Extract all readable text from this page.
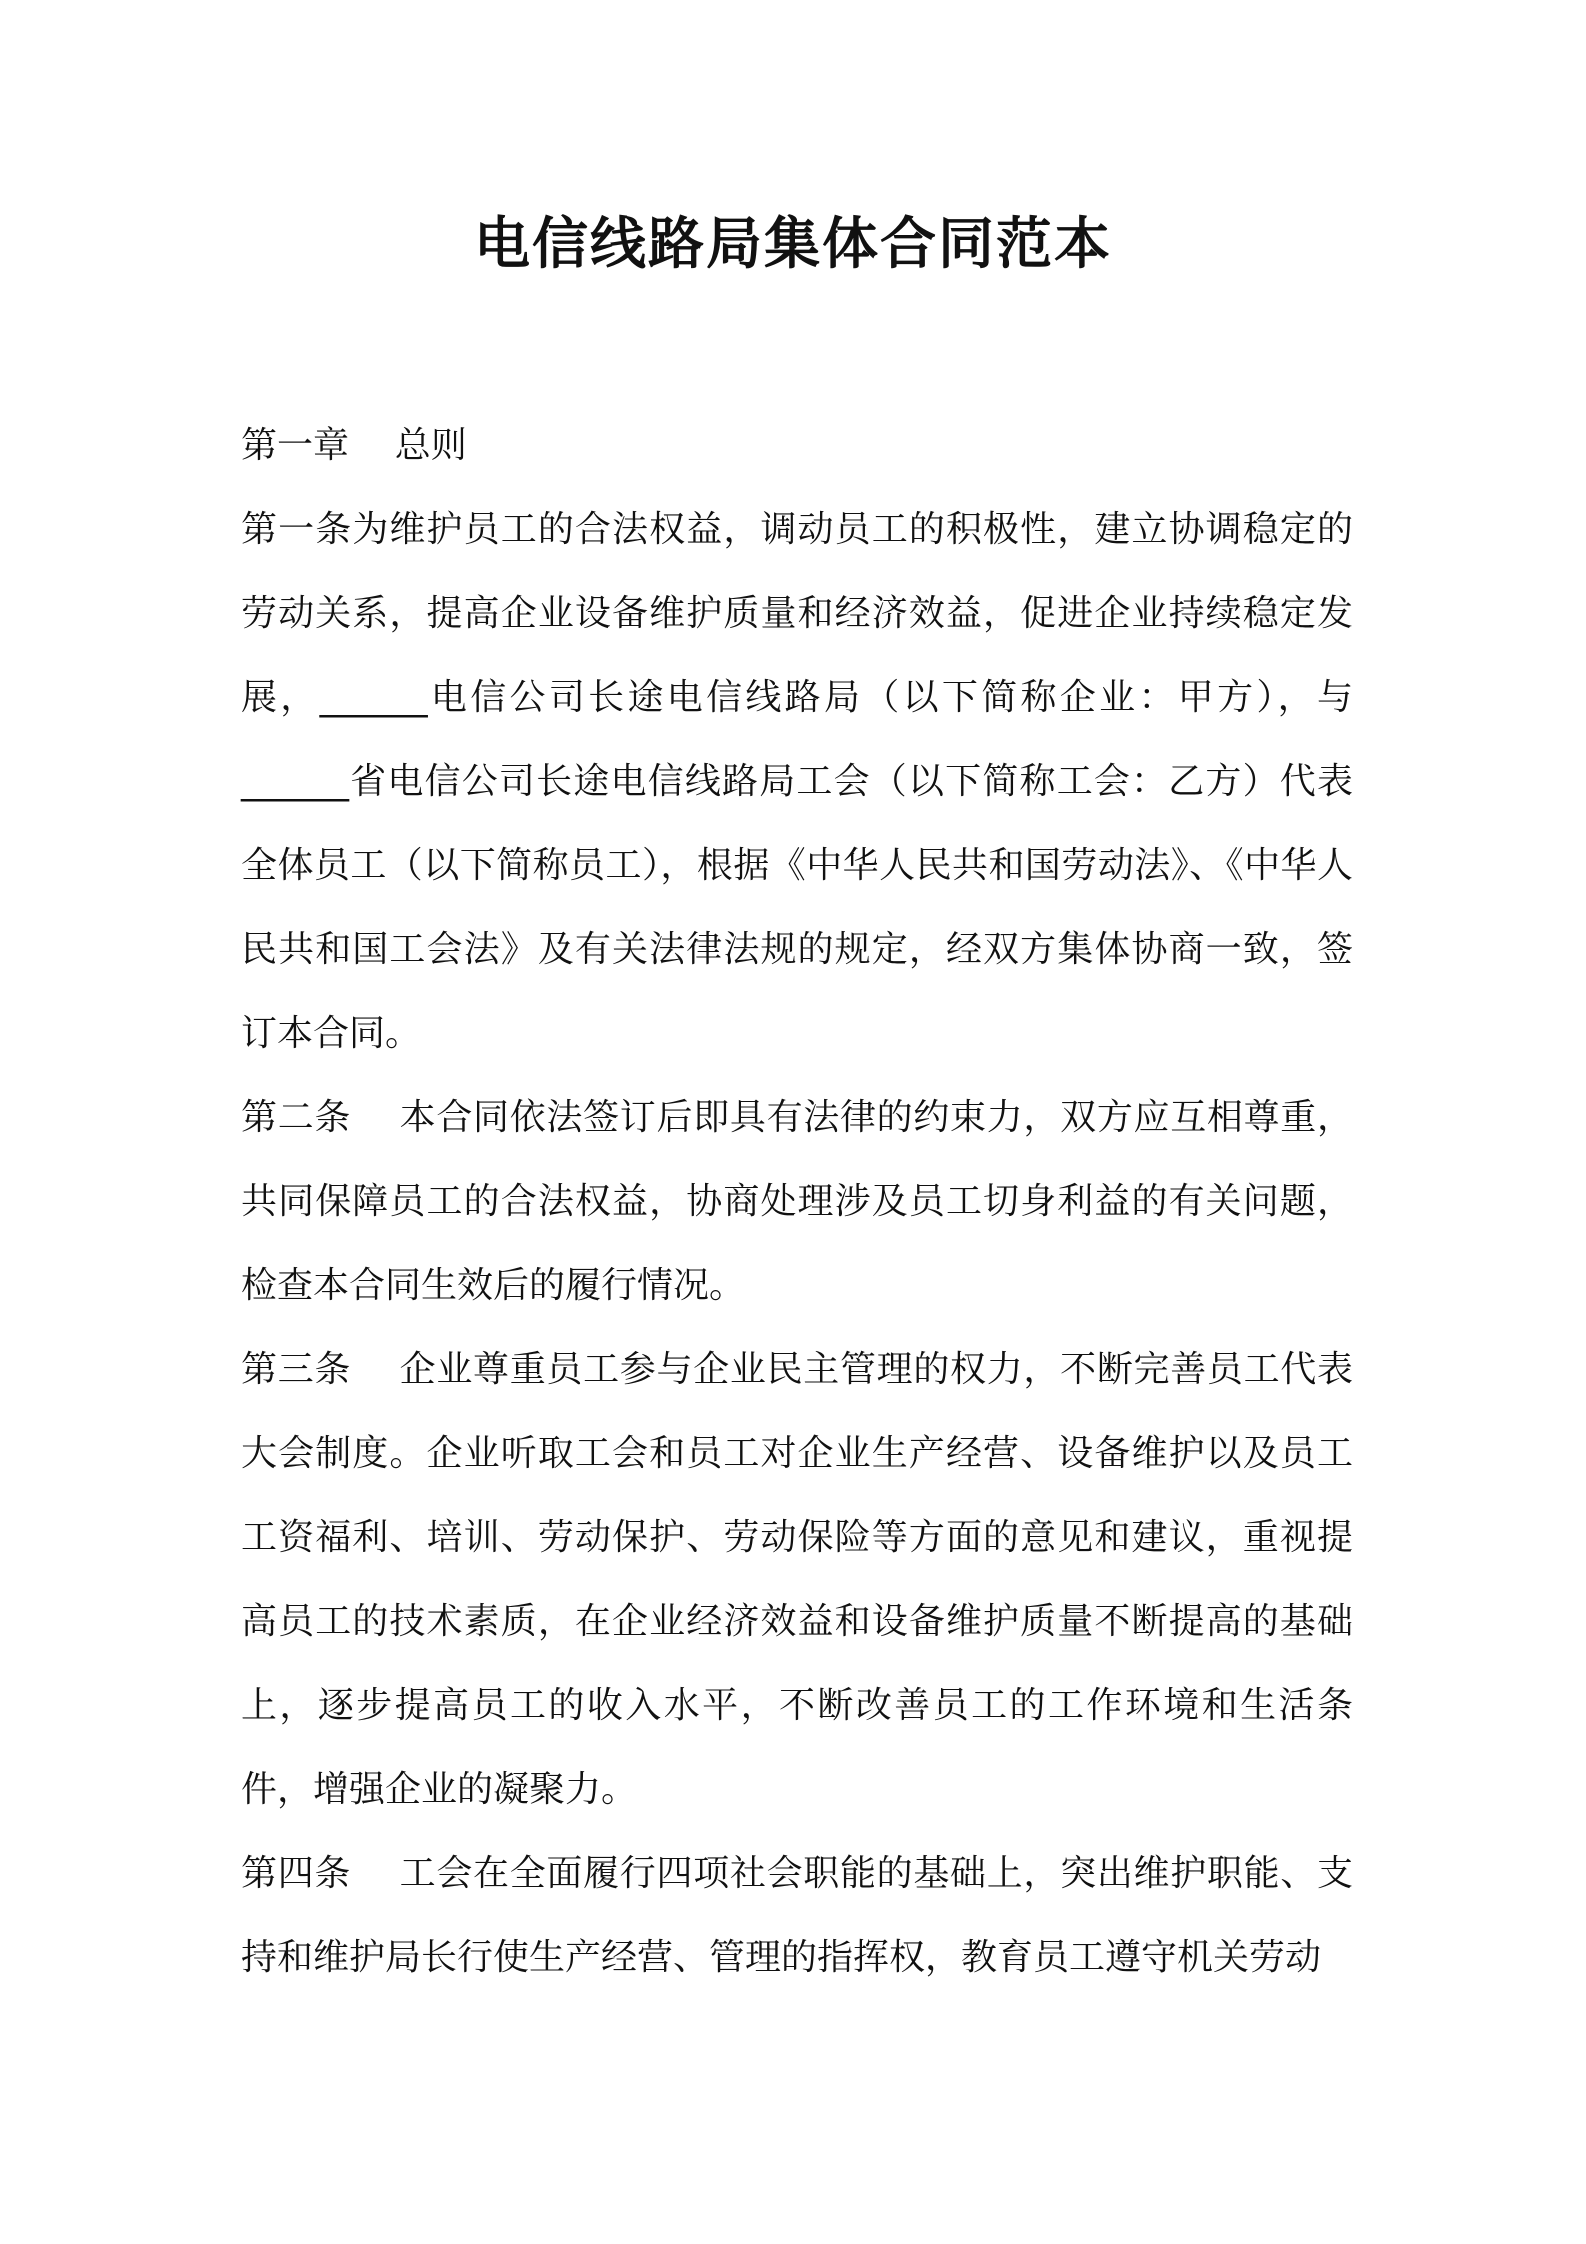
电信线路局集体合同范本

第一章 总则

第一条为维护员工的合法权益，调动员工的积极性，建立协调稳定的劳动关系，提高企业设备维护质量和经济效益，促进企业持续稳定发展，______电信公司长途电信线路局（以下简称企业：甲方），与______省电信公司长途电信线路局工会（以下简称工会：乙方）代表全体员工（以下简称员工），根据《中华人民共和国劳动法》、《中华人民共和国工会法》及有关法律法规的规定，经双方集体协商一致，签订本合同。

第二条 本合同依法签订后即具有法律的约束力，双方应互相尊重，共同保障员工的合法权益，协商处理涉及员工切身利益的有关问题，检查本合同生效后的履行情况。

第三条 企业尊重员工参与企业民主管理的权力，不断完善员工代表大会制度。企业听取工会和员工对企业生产经营、设备维护以及员工工资福利、培训、劳动保护、劳动保险等方面的意见和建议，重视提高员工的技术素质，在企业经济效益和设备维护质量不断提高的基础上，逐步提高员工的收入水平，不断改善员工的工作环境和生活条件，增强企业的凝聚力。

第四条 工会在全面履行四项社会职能的基础上，突出维护职能、支持和维护局长行使生产经营、管理的指挥权，教育员工遵守机关劳动
